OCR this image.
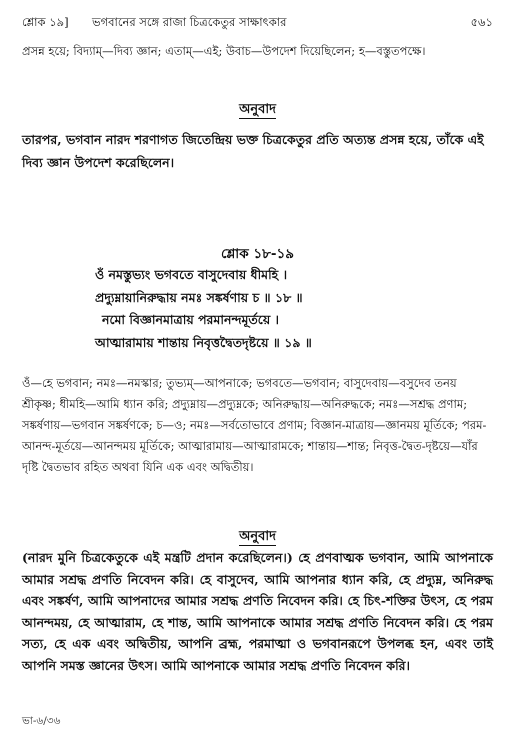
শ্লোক ১৯] ভগবানের সঙ্গে রাজা চিত্রকেতুর সাক্ষাৎকার	৫৬১

প্রসন্ন হয়ে; বিদ্যাম্—দিব্য জ্ঞান; এতাম্—এই; উবাচ—উপদেশ দিয়েছিলেন; হ—বস্তুতপক্ষে।

অনুবাদ

তারপর, ভগবান নারদ শরণাগত জিতেন্দ্রিয় ভক্ত চিত্রকেতুর প্রতি অত্যন্ত প্রসন্ন হয়ে, তাঁকে এই দিব্য জ্ঞান উপদেশ করেছিলেন।

শ্লোক ১৮-১৯

ওঁ নমস্তুভ্যং ভগবতে বাসুদেবায় ধীমহি ।
প্রদ্যুম্নায়ানিরুদ্ধায় নমঃ সঙ্কর্ষণায় চ ॥ ১৮ ॥
নমো বিজ্ঞানমাত্রায় পরমানন্দমূর্তয়ে ।
আত্মারামায় শান্তায় নিবৃত্তদ্বৈতদৃষ্টয়ে ॥ ১৯ ॥

ওঁ—হে ভগবান; নমঃ—নমস্কার; তুভ্যম্—আপনাকে; ভগবতে—ভগবান; বাসুদেবায়—বসুদেব তনয় শ্রীকৃষ্ণ; ধীমহি—আমি ধ্যান করি; প্রদ্যুম্নায়—প্রদ্যুম্নকে; অনিরুদ্ধায়—অনিরুদ্ধকে; নমঃ—সশ্রদ্ধ প্রণাম; সঙ্কর্ষণায়—ভগবান সঙ্কর্ষণকে; চ—ও; নমঃ—সর্বতোভাবে প্রণাম; বিজ্ঞান-মাত্রায়—জ্ঞানময় মূর্তিকে; পরম-আনন্দ-মূর্তয়ে—আনন্দময় মূর্তিকে; আত্মারামায়—আত্মারামকে; শান্তায়—শান্ত; নিবৃত্ত-দ্বৈত-দৃষ্টয়ে—যাঁর দৃষ্টি দ্বৈতভাব রহিত অথবা যিনি এক এবং অদ্বিতীয়।

অনুবাদ

(নারদ মুনি চিত্রকেতুকে এই মন্ত্রটি প্রদান করেছিলেন।) হে প্রণবাত্মক ভগবান, আমি আপনাকে আমার সশ্রদ্ধ প্রণতি নিবেদন করি। হে বাসুদেব, আমি আপনার ধ্যান করি, হে প্রদ্যুম্ন, অনিরুদ্ধ এবং সঙ্কর্ষণ, আমি আপনাদের আমার সশ্রদ্ধ প্রণতি নিবেদন করি। হে চিৎ-শক্তির উৎস, হে পরম আনন্দময়, হে আত্মারাম, হে শান্ত, আমি আপনাকে আমার সশ্রদ্ধ প্রণতি নিবেদন করি। হে পরম সত্য, হে এক এবং অদ্বিতীয়, আপনি ব্রহ্ম, পরমাত্মা ও ভগবানরূপে উপলব্ধ হন, এবং তাই আপনি সমস্ত জ্ঞানের উৎস। আমি আপনাকে আমার সশ্রদ্ধ প্রণতি নিবেদন করি।

ভা-৬/৩৬
